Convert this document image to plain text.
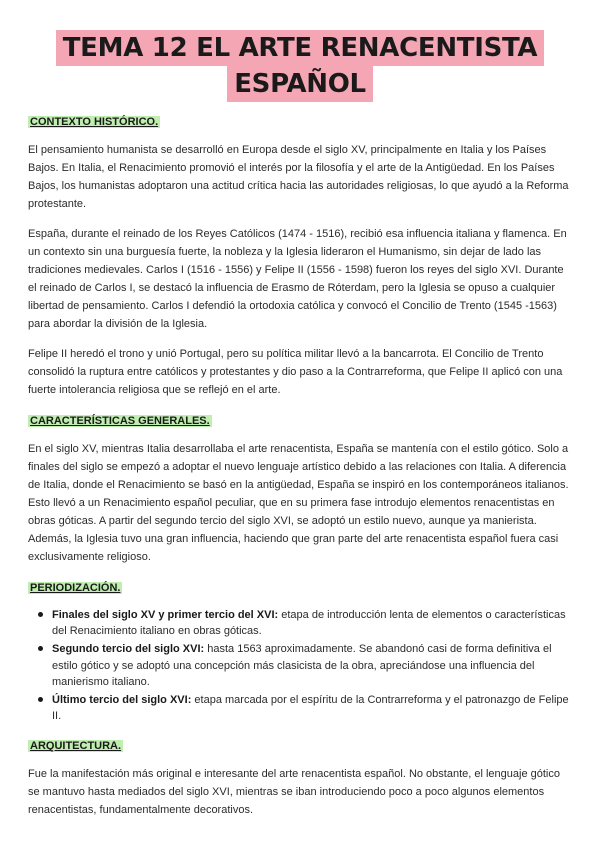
TEMA 12 EL ARTE RENACENTISTA
ESPAÑOL
CONTEXTO HISTÓRICO.

El pensamiento humanista se desarrolló en Europa desde el siglo XV, principalmente en Italia y los Países Bajos. En Italia, el Renacimiento promovió el interés por la filosofía y el arte de la Antigüedad. En los Países Bajos, los humanistas adoptaron una actitud crítica hacia las autoridades religiosas, lo que ayudó a la Reforma protestante.

España, durante el reinado de los Reyes Católicos (1474 - 1516), recibió esa influencia italiana y flamenca. En un contexto sin una burguesía fuerte, la nobleza y la Iglesia lideraron el Humanismo, sin dejar de lado las tradiciones medievales. Carlos I (1516 - 1556) y Felipe II (1556 - 1598) fueron los reyes del siglo XVI. Durante el reinado de Carlos I, se destacó la influencia de Erasmo de Róterdam, pero la Iglesia se opuso a cualquier libertad de pensamiento. Carlos I defendió la ortodoxia católica y convocó el Concilio de Trento (1545 -1563) para abordar la división de la Iglesia.

Felipe II heredó el trono y unió Portugal, pero su política militar llevó a la bancarrota. El Concilio de Trento consolidó la ruptura entre católicos y protestantes y dio paso a la Contrarreforma, que Felipe II aplicó con una fuerte intolerancia religiosa que se reflejó en el arte.

CARACTERÍSTICAS GENERALES.

En el siglo XV, mientras Italia desarrollaba el arte renacentista, España se mantenía con el estilo gótico. Solo a finales del siglo se empezó a adoptar el nuevo lenguaje artístico debido a las relaciones con Italia. A diferencia de Italia, donde el Renacimiento se basó en la antigüedad, España se inspiró en los contemporáneos italianos. Esto llevó a un Renacimiento español peculiar, que en su primera fase introdujo elementos renacentistas en obras góticas. A partir del segundo tercio del siglo XVI, se adoptó un estilo nuevo, aunque ya manierista. Además, la Iglesia tuvo una gran influencia, haciendo que gran parte del arte renacentista español fuera casi exclusivamente religioso.

PERIODIZACIÓN.
Finales del siglo XV y primer tercio del XVI: etapa de introducción lenta de elementos o características del Renacimiento italiano en obras góticas.
Segundo tercio del siglo XVI: hasta 1563 aproximadamente. Se abandonó casi de forma definitiva el estilo gótico y se adoptó una concepción más clasicista de la obra, apreciándose una influencia del manierismo italiano.
Último tercio del siglo XVI: etapa marcada por el espíritu de la Contrarreforma y el patronazgo de Felipe II.
ARQUITECTURA.

Fue la manifestación más original e interesante del arte renacentista español. No obstante, el lenguaje gótico se mantuvo hasta mediados del siglo XVI, mientras se iban introduciendo poco a poco algunos elementos renacentistas, fundamentalmente decorativos.
